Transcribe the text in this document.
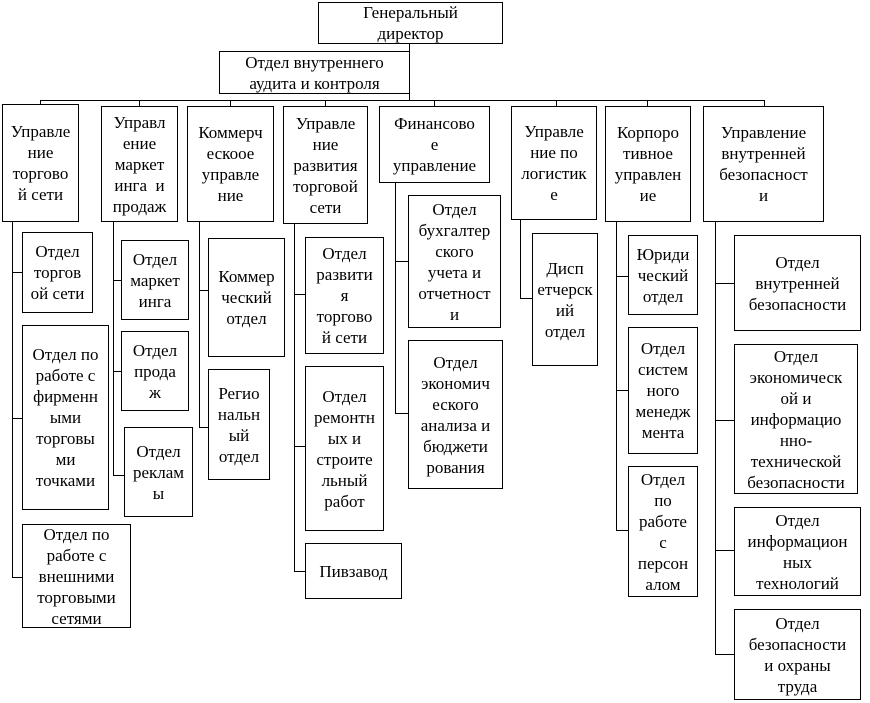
Генеральный
директор
Отдел внутреннего
аудита и контроля
Управле
ние
торгово
й сети
Управл
ение
маркет
инга  и
продаж
Коммерч
ескоое
управле
ние
Управле
ние
развития
торговой
сети
Финансово
е
управление
Управле
ние по
логистик
е
Корпоро
тивное
управлен
ие
Управление
внутренней
безопасност
и
Отдел
торгов
ой сети
Отдел по
работе с
фирменн
ыми
торговы
ми
точками
Отдел по
работе с
внешними
торговыми
сетями
Отдел
маркет
инга
Отдел
прода
ж
Отдел
реклам
ы
Коммер
ческий
отдел
Регио
нальн
ый
отдел
Отдел
развити
я
торгово
й сети
Отдел
ремонтн
ых и
строите
льный
работ
Пивзавод
Отдел
бухгалтер
ского
учета и
отчетност
и
Отдел
экономич
еского
анализа и
бюджети
рования
Дисп
етчерск
ий
отдел
Юриди
ческий
отдел
Отдел
систем
ного
менедж
мента
Отдел
по
работе
с
персон
алом
Отдел
внутренней
безопасности
Отдел
экономическ
ой и
информацио
нно-
технической
безопасности
Отдел
информацион
ных
технологий
Отдел
безопасности
и охраны
труда
